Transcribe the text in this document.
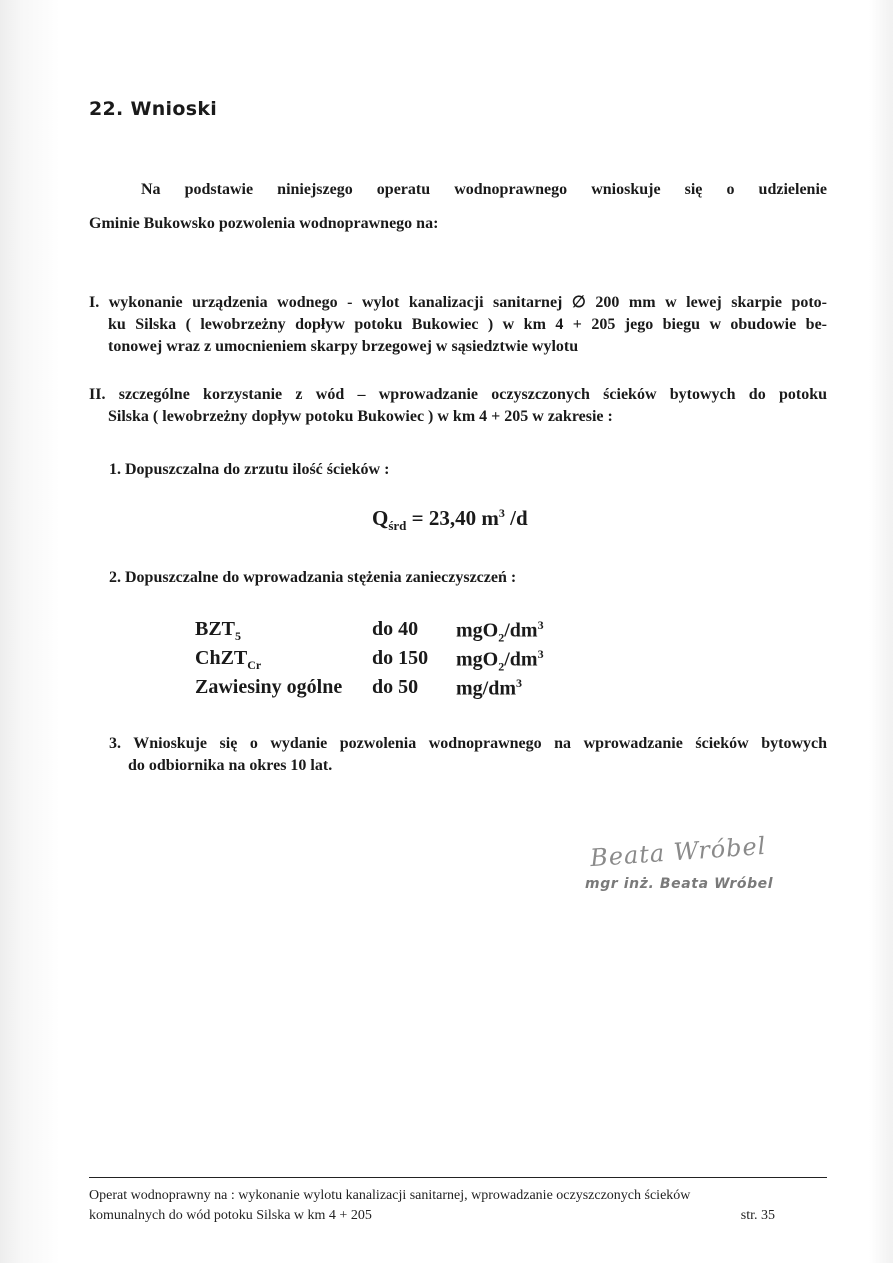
22. Wnioski

Na podstawie niniejszego operatu wodnoprawnego wnioskuje się o udzielenie

Gminie Bukowsko pozwolenia wodnoprawnego na:

I. wykonanie urządzenia wodnego - wylot kanalizacji sanitarnej ∅ 200 mm w lewej skarpie poto-
ku Silska ( lewobrzeżny dopływ potoku Bukowiec ) w km 4 + 205 jego biegu w obudowie be-
tonowej wraz z umocnieniem skarpy brzegowej w sąsiedztwie wylotu
II. szczególne korzystanie z wód – wprowadzanie oczyszczonych ścieków bytowych do potoku
Silska ( lewobrzeżny dopływ potoku Bukowiec ) w km 4 + 205 w zakresie :
1. Dopuszczalna do zrzutu ilość ścieków :
$Q_{śrd} = 23,40$ $m^3$ /d
2. Dopuszczalne do wprowadzania stężenia zanieczyszczeń :
$BZT_5$	do 40 $mgO_2/dm^3$
ChZT$_{Cr}$	do 150 $mgO_2/dm^3$
Zawiesiny ogólne do 50 $mg/dm^3$
3. Wnioskuje się o wydanie pozwolenia wodnoprawnego na wprowadzanie ścieków bytowych
do odbiornika na okres 10 lat.
Beata Wróbel
mgr inż. Beata Wróbel
Operat wodnoprawny na : wykonanie wylotu kanalizacji sanitarnej, wprowadzanie oczyszczonych ścieków
komunalnych do wód potoku Silska w km 4 + 205	str. 35
